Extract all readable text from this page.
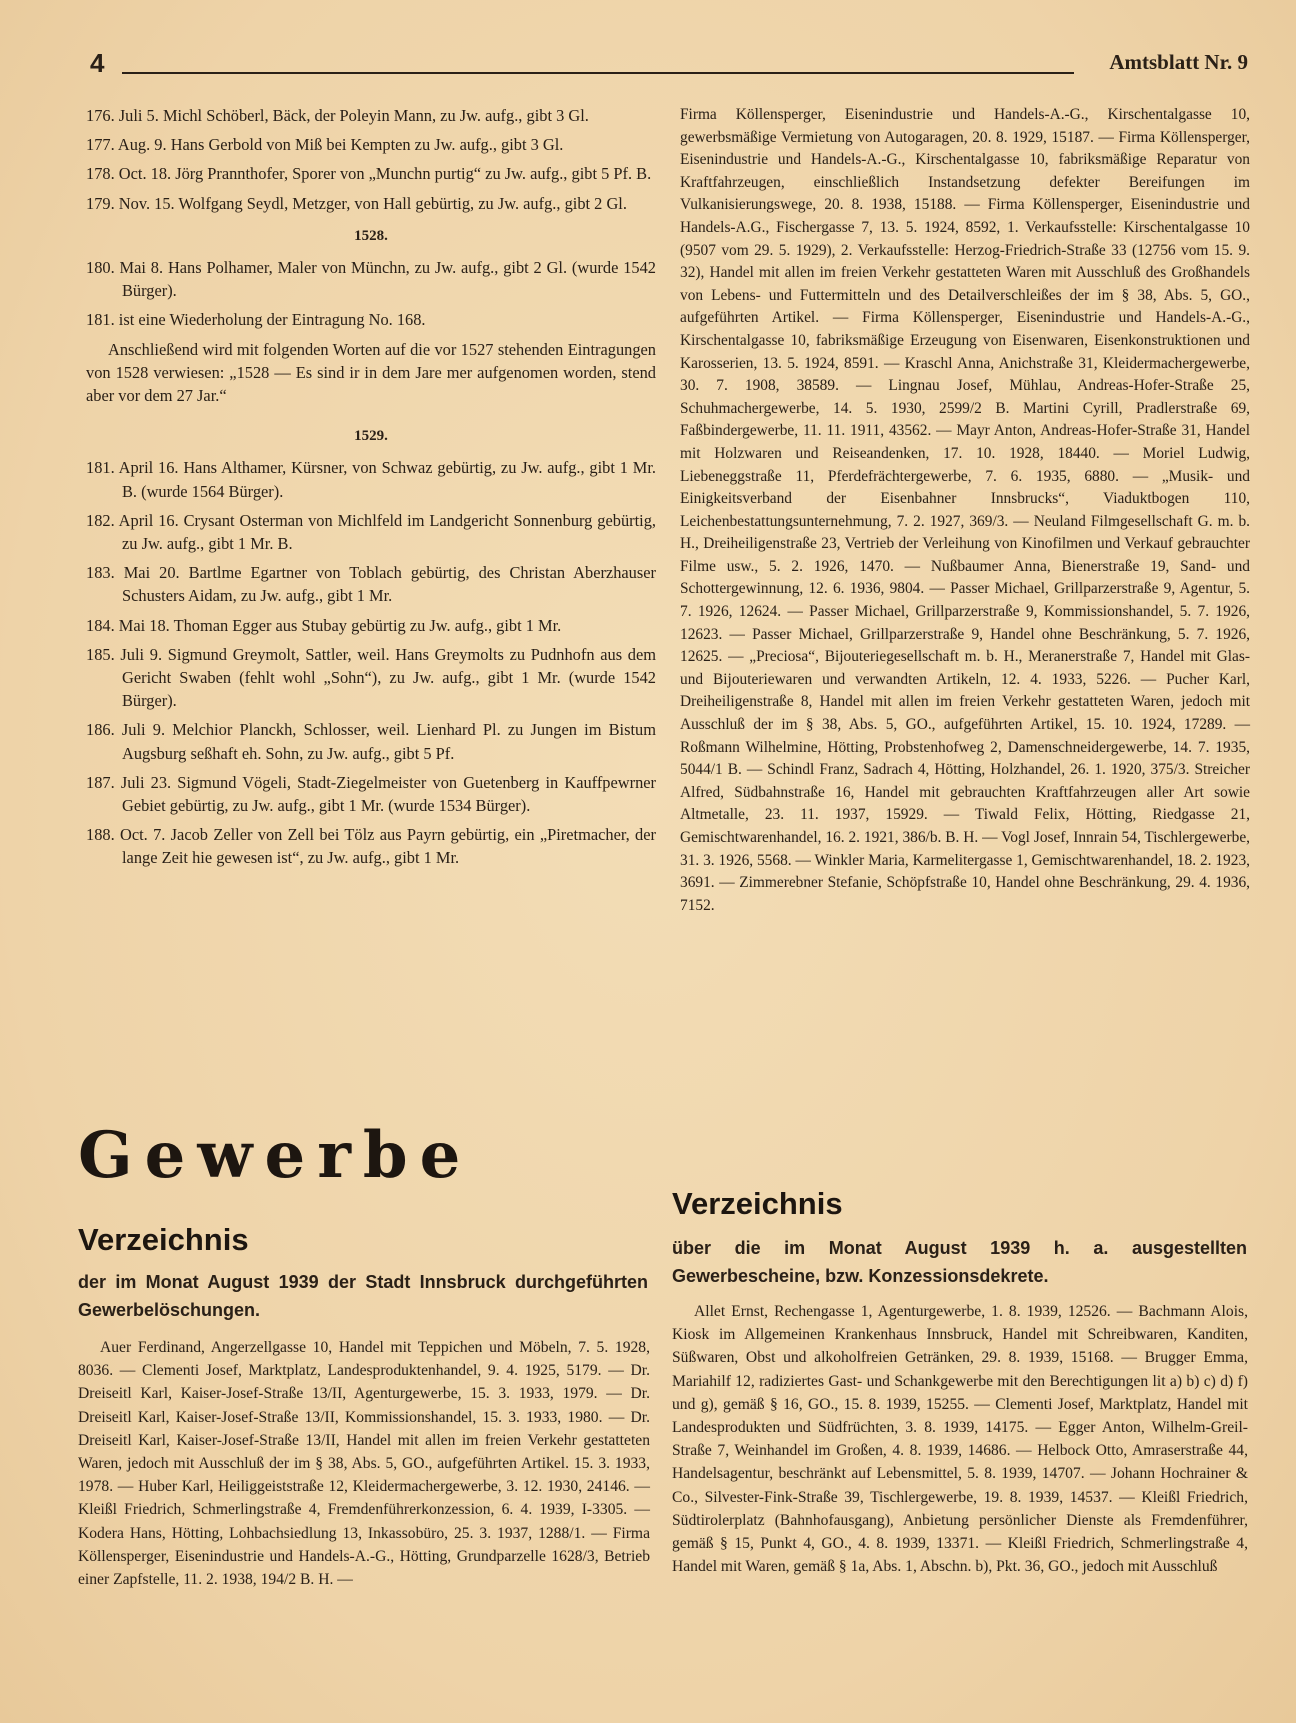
4	Amtsblatt Nr. 9
176. Juli 5. Michl Schöberl, Bäck, der Poleyin Mann, zu Jw. aufg., gibt 3 Gl.
177. Aug. 9. Hans Gerbold von Miß bei Kempten zu Jw. aufg., gibt 3 Gl.
178. Oct. 18. Jörg Prannthofer, Sporer von „Munchn purtig“ zu Jw. aufg., gibt 5 Pf. B.
179. Nov. 15. Wolfgang Seydl, Metzger, von Hall gebürtig, zu Jw. aufg., gibt 2 Gl.
1528.
180. Mai 8. Hans Polhamer, Maler von Münchn, zu Jw. aufg., gibt 2 Gl. (wurde 1542 Bürger).
181. ist eine Wiederholung der Eintragung No. 168.
Anschließend wird mit folgenden Worten auf die vor 1527 stehenden Eintragungen von 1528 verwiesen: „1528 — Es sind ir in dem Jare mer aufgenomen worden, stend aber vor dem 27 Jar.“
1529.
181. April 16. Hans Althamer, Kürsner, von Schwaz gebürtig, zu Jw. aufg., gibt 1 Mr. B. (wurde 1564 Bürger).
182. April 16. Crysant Osterman von Michlfeld im Landgericht Sonnenburg gebürtig, zu Jw. aufg., gibt 1 Mr. B.
183. Mai 20. Bartlme Egartner von Toblach gebürtig, des Christan Aberzhauser Schusters Aidam, zu Jw. aufg., gibt 1 Mr.
184. Mai 18. Thoman Egger aus Stubay gebürtig zu Jw. aufg., gibt 1 Mr.
185. Juli 9. Sigmund Greymolt, Sattler, weil. Hans Greymolts zu Pudnhofn aus dem Gericht Swaben (fehlt wohl „Sohn“), zu Jw. aufg., gibt 1 Mr. (wurde 1542 Bürger).
186. Juli 9. Melchior Planckh, Schlosser, weil. Lienhard Pl. zu Jungen im Bistum Augsburg seßhaft eh. Sohn, zu Jw. aufg., gibt 5 Pf.
187. Juli 23. Sigmund Vögeli, Stadt-Ziegelmeister von Guetenberg in Kauffpewrner Gebiet gebürtig, zu Jw. aufg., gibt 1 Mr. (wurde 1534 Bürger).
188. Oct. 7. Jacob Zeller von Zell bei Tölz aus Payrn gebürtig, ein „Piretmacher, der lange Zeit hie gewesen ist“, zu Jw. aufg., gibt 1 Mr.
Gewerbe
Verzeichnis
der im Monat August 1939 der Stadt Innsbruck durchgeführten Gewerbelöschungen.
Auer Ferdinand, Angerzellgasse 10, Handel mit Teppichen und Möbeln, 7. 5. 1928, 8036. — Clementi Josef, Marktplatz, Landesproduktenhandel, 9. 4. 1925, 5179. — Dr. Dreiseitl Karl, Kaiser-Josef-Straße 13/II, Agenturgewerbe, 15. 3. 1933, 1979. — Dr. Dreiseitl Karl, Kaiser-Josef-Straße 13/II, Kommissionshandel, 15. 3. 1933, 1980. — Dr. Dreiseitl Karl, Kaiser-Josef-Straße 13/II, Handel mit allen im freien Verkehr gestatteten Waren, jedoch mit Ausschluß der im § 38, Abs. 5, GO., aufgeführten Artikel. 15. 3. 1933, 1978. — Huber Karl, Heiliggeiststraße 12, Kleidermachergewerbe, 3. 12. 1930, 24146. — Kleißl Friedrich, Schmerlingstraße 4, Fremdenführerkonzession, 6. 4. 1939, I-3305. — Kodera Hans, Hötting, Lohbachsiedlung 13, Inkassobüro, 25. 3. 1937, 1288/1. — Firma Köllensperger, Eisenindustrie und Handels-A.-G., Hötting, Grundparzelle 1628/3, Betrieb einer Zapfstelle, 11. 2. 1938, 194/2 B. H. —
Firma Köllensperger, Eisenindustrie und Handels-A.-G., Kirschentalgasse 10, gewerbsmäßige Vermietung von Autogaragen, 20. 8. 1929, 15187. — Firma Köllensperger, Eisenindustrie und Handels-A.-G., Kirschentalgasse 10, fabriksmäßige Reparatur von Kraftfahrzeugen, einschließlich Instandsetzung defekter Bereifungen im Vulkanisierungswege, 20. 8. 1938, 15188. — Firma Köllensperger, Eisenindustrie und Handels-A.G., Fischergasse 7, 13. 5. 1924, 8592, 1. Verkaufsstelle: Kirschentalgasse 10 (9507 vom 29. 5. 1929), 2. Verkaufsstelle: Herzog-Friedrich-Straße 33 (12756 vom 15. 9. 32), Handel mit allen im freien Verkehr gestatteten Waren mit Ausschluß des Großhandels von Lebens- und Futtermitteln und des Detailverschleißes der im § 38, Abs. 5, GO., aufgeführten Artikel. — Firma Köllensperger, Eisenindustrie und Handels-A.-G., Kirschentalgasse 10, fabriksmäßige Erzeugung von Eisenwaren, Eisenkonstruktionen und Karosserien, 13. 5. 1924, 8591. — Kraschl Anna, Anichstraße 31, Kleidermachergewerbe, 30. 7. 1908, 38589. — Lingnau Josef, Mühlau, Andreas-Hofer-Straße 25, Schuhmachergewerbe, 14. 5. 1930, 2599/2 B. Martini Cyrill, Pradlerstraße 69, Faßbindergewerbe, 11. 11. 1911, 43562. — Mayr Anton, Andreas-Hofer-Straße 31, Handel mit Holzwaren und Reiseandenken, 17. 10. 1928, 18440. — Moriel Ludwig, Liebeneggstraße 11, Pferdefrächtergewerbe, 7. 6. 1935, 6880. — „Musik- und Einigkeitsverband der Eisenbahner Innsbrucks“, Viaduktbogen 110, Leichenbestattungsunternehmung, 7. 2. 1927, 369/3. — Neuland Filmgesellschaft G. m. b. H., Dreiheiligenstraße 23, Vertrieb der Verleihung von Kinofilmen und Verkauf gebrauchter Filme usw., 5. 2. 1926, 1470. — Nußbaumer Anna, Bienerstraße 19, Sand- und Schottergewinnung, 12. 6. 1936, 9804. — Passer Michael, Grillparzerstraße 9, Agentur, 5. 7. 1926, 12624. — Passer Michael, Grillparzerstraße 9, Kommissionshandel, 5. 7. 1926, 12623. — Passer Michael, Grillparzerstraße 9, Handel ohne Beschränkung, 5. 7. 1926, 12625. — „Preciosa“, Bijouteriegesellschaft m. b. H., Meranerstraße 7, Handel mit Glas- und Bijouteriewaren und verwandten Artikeln, 12. 4. 1933, 5226. — Pucher Karl, Dreiheiligenstraße 8, Handel mit allen im freien Verkehr gestatteten Waren, jedoch mit Ausschluß der im § 38, Abs. 5, GO., aufgeführten Artikel, 15. 10. 1924, 17289. — Roßmann Wilhelmine, Hötting, Probstenhofweg 2, Damenschneidergewerbe, 14. 7. 1935, 5044/1 B. — Schindl Franz, Sadrach 4, Hötting, Holzhandel, 26. 1. 1920, 375/3. Streicher Alfred, Südbahnstraße 16, Handel mit gebrauchten Kraftfahrzeugen aller Art sowie Altmetalle, 23. 11. 1937, 15929. — Tiwald Felix, Hötting, Riedgasse 21, Gemischtwarenhandel, 16. 2. 1921, 386/b. B. H. — Vogl Josef, Innrain 54, Tischlergewerbe, 31. 3. 1926, 5568. — Winkler Maria, Karmelitergasse 1, Gemischtwarenhandel, 18. 2. 1923, 3691. — Zimmerebner Stefanie, Schöpfstraße 10, Handel ohne Beschränkung, 29. 4. 1936, 7152.
Verzeichnis
über die im Monat August 1939 h. a. ausgestellten Gewerbescheine, bzw. Konzessionsdekrete.
Allet Ernst, Rechengasse 1, Agenturgewerbe, 1. 8. 1939, 12526. — Bachmann Alois, Kiosk im Allgemeinen Krankenhaus Innsbruck, Handel mit Schreibwaren, Kanditen, Süßwaren, Obst und alkoholfreien Getränken, 29. 8. 1939, 15168. — Brugger Emma, Mariahilf 12, radiziertes Gast- und Schankgewerbe mit den Berechtigungen lit a) b) c) d) f) und g), gemäß § 16, GO., 15. 8. 1939, 15255. — Clementi Josef, Marktplatz, Handel mit Landesprodukten und Südfrüchten, 3. 8. 1939, 14175. — Egger Anton, Wilhelm-Greil-Straße 7, Weinhandel im Großen, 4. 8. 1939, 14686. — Helbock Otto, Amraserstraße 44, Handelsagentur, beschränkt auf Lebensmittel, 5. 8. 1939, 14707. — Johann Hochrainer & Co., Silvester-Fink-Straße 39, Tischlergewerbe, 19. 8. 1939, 14537. — Kleißl Friedrich, Südtirolerplatz (Bahnhofausgang), Anbietung persönlicher Dienste als Fremdenführer, gemäß § 15, Punkt 4, GO., 4. 8. 1939, 13371. — Kleißl Friedrich, Schmerlingstraße 4, Handel mit Waren, gemäß § 1a, Abs. 1, Abschn. b), Pkt. 36, GO., jedoch mit Ausschluß
